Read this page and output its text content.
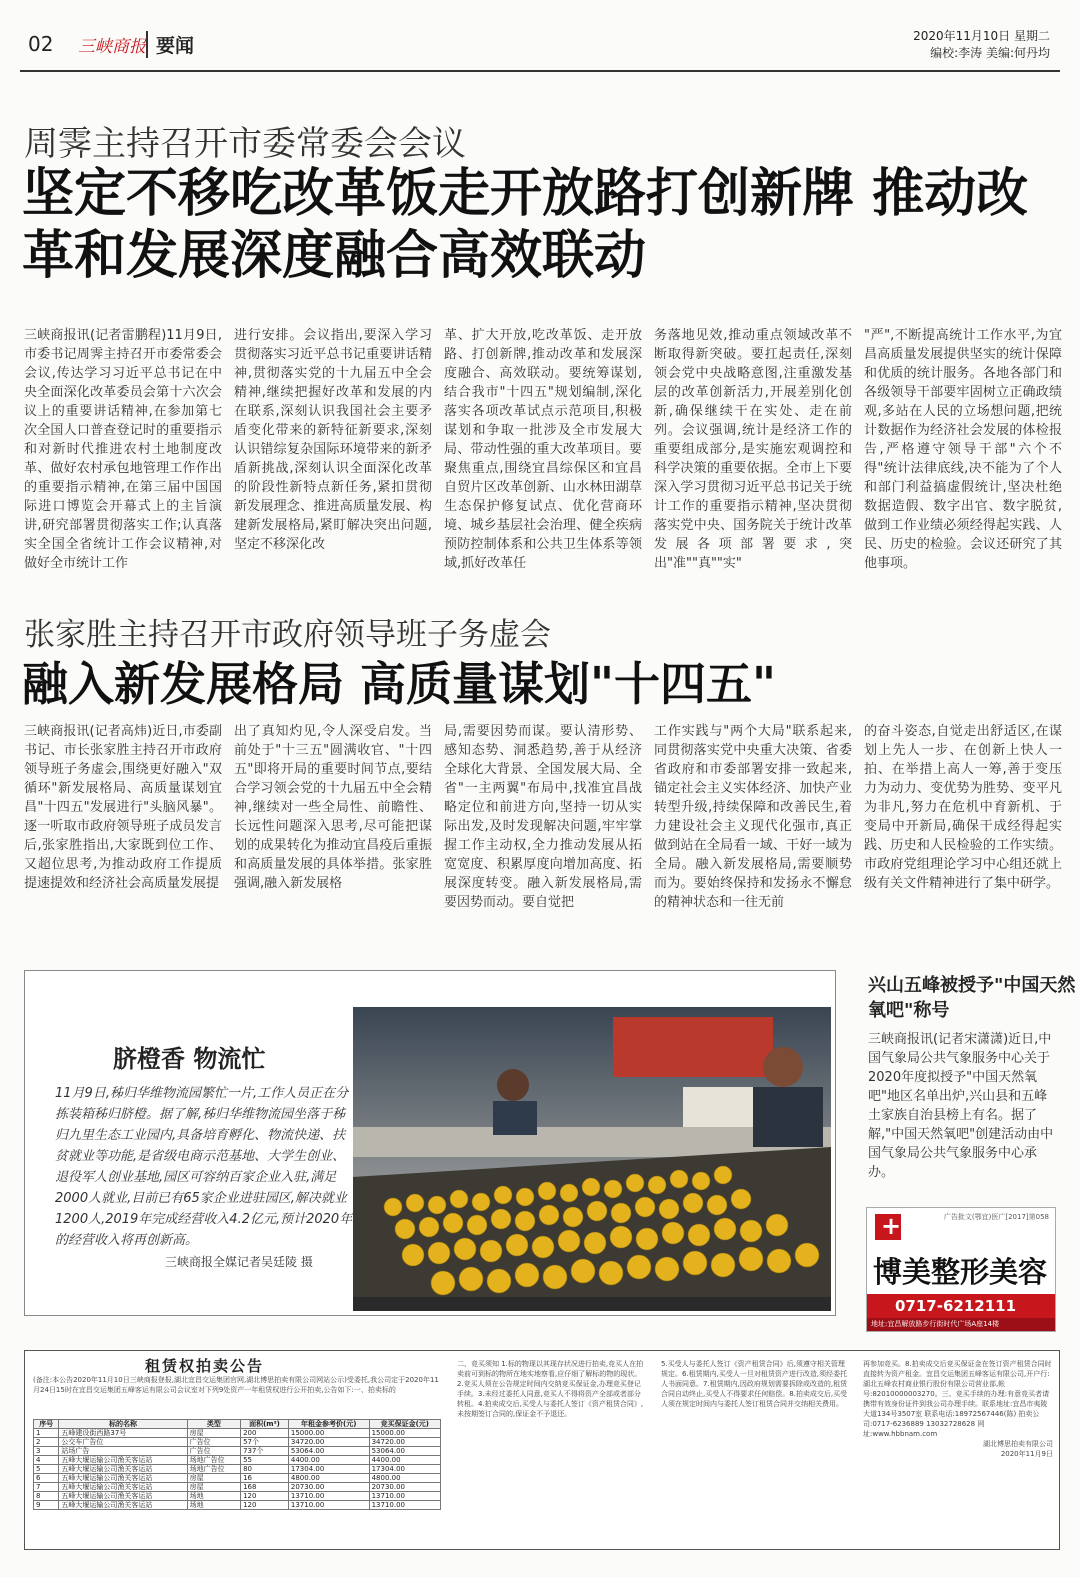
02 三峡商报 要闻	2020年11月10日 星期二
编校:李涛 美编:何丹均
周霁主持召开市委常委会会议
坚定不移吃改革饭走开放路打创新牌 推动改革和发展深度融合高效联动
三峡商报讯(记者雷鹏程)11月9日,市委书记周霁主持召开市委常委会会议,传达学习习近平总书记在中央全面深化改革委员会第十六次会议上的重要讲话精神,在参加第七次全国人口普查登记时的重要指示和对新时代推进农村土地制度改革、做好农村承包地管理工作作出的重要指示精神,在第三届中国国际进口博览会开幕式上的主旨演讲,研究部署贯彻落实工作;认真落实全国全省统计工作会议精神,对做好全市统计工作
进行安排。会议指出,要深入学习贯彻落实习近平总书记重要讲话精神,贯彻落实党的十九届五中全会精神,继续把握好改革和发展的内在联系,深刻认识我国社会主要矛盾变化带来的新特征新要求,深刻认识错综复杂国际环境带来的新矛盾新挑战,深刻认识全面深化改革的阶段性新特点新任务,紧扣贯彻新发展理念、推进高质量发展、构建新发展格局,紧盯解决突出问题,坚定不移深化改
革、扩大开放,吃改革饭、走开放路、打创新牌,推动改革和发展深度融合、高效联动。要统筹谋划,结合我市"十四五"规划编制,深化落实各项改革试点示范项目,积极谋划和争取一批涉及全市发展大局、带动性强的重大改革项目。要聚焦重点,围绕宜昌综保区和宜昌自贸片区改革创新、山水林田湖草生态保护修复试点、优化营商环境、城乡基层社会治理、健全疾病预防控制体系和公共卫生体系等领域,抓好改革任
务落地见效,推动重点领域改革不断取得新突破。要扛起责任,深刻领会党中央战略意图,注重激发基层的改革创新活力,开展差别化创新,确保继续干在实处、走在前列。会议强调,统计是经济工作的重要组成部分,是实施宏观调控和科学决策的重要依据。全市上下要深入学习贯彻习近平总书记关于统计工作的重要指示精神,坚决贯彻落实党中央、国务院关于统计改革发展各项部署要求,突出"准""真""实"
"严",不断提高统计工作水平,为宜昌高质量发展提供坚实的统计保障和优质的统计服务。各地各部门和各级领导干部要牢固树立正确政绩观,多站在人民的立场想问题,把统计数据作为经济社会发展的体检报告,严格遵守领导干部"六个不得"统计法律底线,决不能为了个人和部门利益搞虚假统计,坚决杜绝数据造假、数字出官、数字脱贫,做到工作业绩必须经得起实践、人民、历史的检验。会议还研究了其他事项。
张家胜主持召开市政府领导班子务虚会
融入新发展格局 高质量谋划"十四五"
三峡商报讯(记者高炜)近日,市委副书记、市长张家胜主持召开市政府领导班子务虚会,围绕更好融入"双循环"新发展格局、高质量谋划宜昌"十四五"发展进行"头脑风暴"。逐一听取市政府领导班子成员发言后,张家胜指出,大家既到位工作、又超位思考,为推动政府工作提质提速提效和经济社会高质量发展提
出了真知灼见,令人深受启发。当前处于"十三五"圆满收官、"十四五"即将开局的重要时间节点,要结合学习领会党的十九届五中全会精神,继续对一些全局性、前瞻性、长远性问题深入思考,尽可能把谋划的成果转化为推动宜昌疫后重振和高质量发展的具体举措。张家胜强调,融入新发展格
局,需要因势而谋。要认清形势、感知态势、洞悉趋势,善于从经济全球化大背景、全国发展大局、全省"一主两翼"布局中,找准宜昌战略定位和前进方向,坚持一切从实际出发,及时发现解决问题,牢牢掌握工作主动权,全力推动发展从拓宽宽度、积累厚度向增加高度、拓展深度转变。融入新发展格局,需要因势而动。要自觉把
工作实践与"两个大局"联系起来,同贯彻落实党中央重大决策、省委省政府和市委部署安排一致起来,锚定社会主义实体经济、加快产业转型升级,持续保障和改善民生,着力建设社会主义现代化强市,真正做到站在全局看一域、干好一域为全局。融入新发展格局,需要顺势而为。要始终保持和发扬永不懈怠的精神状态和一往无前
的奋斗姿态,自觉走出舒适区,在谋划上先人一步、在创新上快人一拍、在举措上高人一筹,善于变压力为动力、变优势为胜势、变平凡为非凡,努力在危机中育新机、于变局中开新局,确保干成经得起实践、历史和人民检验的工作实绩。市政府党组理论学习中心组还就上级有关文件精神进行了集中研学。
脐橙香 物流忙
11月9日,秭归华维物流园繁忙一片,工作人员正在分拣装箱秭归脐橙。据了解,秭归华维物流园坐落于秭归九里生态工业园内,具备培育孵化、物流快递、扶贫就业等功能,是省级电商示范基地、大学生创业、退役军人创业基地,园区可容纳百家企业入驻,满足2000人就业,目前已有65家企业进驻园区,解决就业1200人,2019年完成经营收入4.2亿元,预计2020年的经营收入将再创新高。
三峡商报全媒记者吴廷陵 摄
兴山五峰被授予"中国天然氧吧"称号
三峡商报讯(记者宋潇潇)近日,中国气象局公共气象服务中心关于2020年度拟授予"中国天然氧吧"地区名单出炉,兴山县和五峰土家族自治县榜上有名。据了解,"中国天然氧吧"创建活动由中国气象局公共气象服务中心承办。
+
广告批文(鄂宜)医广[2017]第058
博美整形美容
0717-6212111
地址:宜昌解放路步行街时代广场A座14楼
租赁权拍卖公告
(备注:本公告2020年11月10日三峡商报登报,湖北宜昌交运集团官网,湖北博思拍卖有限公司网站公示)受委托,我公司定于2020年11月24日15时在宜昌交运集团五峰客运有限公司会议室对下列9处资产一年租赁权进行公开拍卖,公告如下:一、拍卖标的
序号	标的名称	类型	面积(m²)	年租金参考价(元)	竞买保证金(元)
1	五峰建设街西路37号	房屋	200	15000.00	15000.00
2	公交车广告位	广告位	57个	34720.00	34720.00
3	站场广告	广告位	737个	53064.00	53064.00
4	五峰大堰运输公司渔关客运站	场地广告位	55	4400.00	4400.00
5	五峰大堰运输公司渔关客运站	场地广告位	80	17304.00	17304.00
6	五峰大堰运输公司渔关客运站	房屋	16	4800.00	4800.00
7	五峰大堰运输公司渔关客运站	房屋	168	20730.00	20730.00
8	五峰大堰运输公司渔关客运站	场地	120	13710.00	13710.00
9	五峰大堰运输公司渔关客运站	场地	120	13710.00	13710.00
二、竞买须知 1.标的物现以其现存状况进行拍卖,竞买人在拍卖前可到标的物所在地实地察看,应仔细了解标的物的现状。2.竞买人须在公告规定时间内交纳竞买保证金,办理竞买登记手续。3.未经过委托人同意,竞买人不得将资产全部或者部分转租。4.拍卖成交后,买受人与委托人签订《资产租赁合同》,未按期签订合同的,保证金不予退还。
5.买受人与委托人签订《资产租赁合同》后,须遵守相关管理规定。6.租赁期内,买受人一旦对租赁资产进行改造,须经委托人书面同意。7.租赁期内,因政府规划需要拆除或改造的,租赁合同自动终止,买受人不得要求任何赔偿。8.拍卖成交后,买受人须在规定时间内与委托人签订租赁合同并交纳相关费用。
再参加竞买。8.拍卖成交后竞买保证金在签订资产租赁合同时直接转为资产租金。宜昌交运集团五峰客运有限公司,开户行:湖北五峰农村商业银行股份有限公司营业部,帐号:82010000003270。三、竞买手续的办理:有意竞买者请携带有效身份证件到我公司办理手续。联系地址:宜昌市夷陵大道134号3507室 联系电话:18972567446(陈) 拍卖公司:0717-6236889 13032728628 网址:www.hbbnam.com
湖北博思拍卖有限公司
2020年11月9日
